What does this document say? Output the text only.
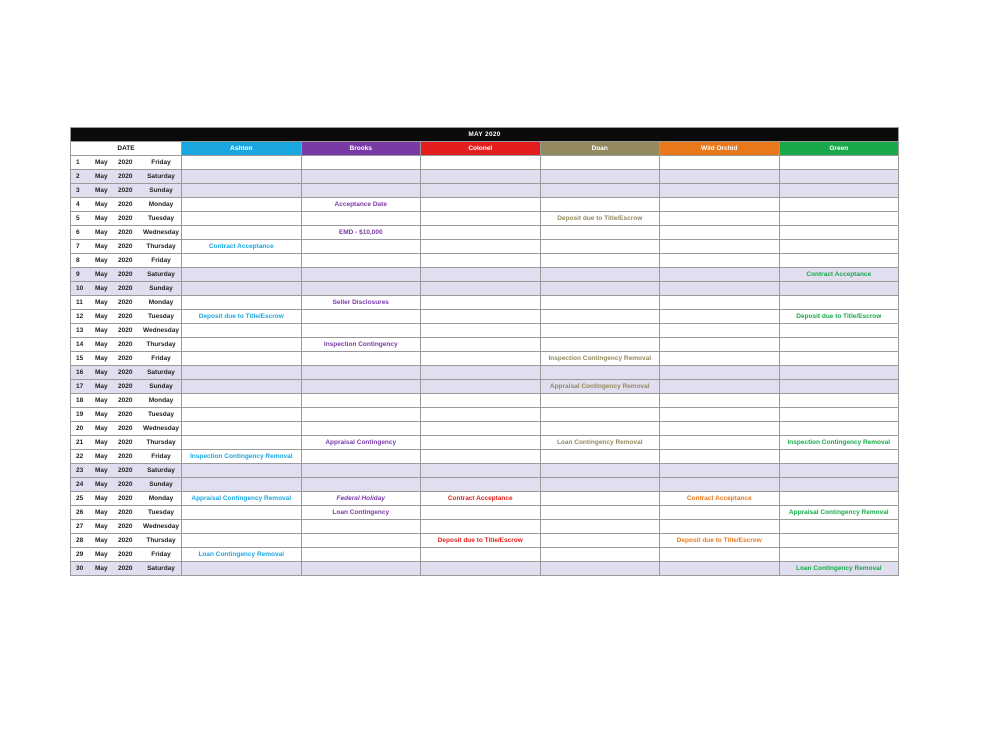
MAY 2020						
DATE	Ashton	Brooks	Colonel	Doan	Wild Orchid	Green

1 May 2020 Friday						

2 May 2020 Saturday						

3 May 2020 Sunday						

4 May 2020 Monday		Acceptance Date				

5 May 2020 Tuesday				Deposit due to Title/Escrow		

6 May 2020 Wednesday		EMD - $10,000				

7 May 2020 Thursday	Contract Acceptance					

8 May 2020 Friday						

9 May 2020 Saturday						Contract Acceptance

10 May 2020 Sunday						

11 May 2020 Monday		Seller Disclosures				

12 May 2020 Tuesday	Deposit due to Title/Escrow					Deposit due to Title/Escrow

13 May 2020 Wednesday						

14 May 2020 Thursday		Inspection Contingency				

15 May 2020 Friday				Inspection Contingency Removal		

16 May 2020 Saturday						

17 May 2020 Sunday				Appraisal Contingency Removal		

18 May 2020 Monday						

19 May 2020 Tuesday						

20 May 2020 Wednesday						

21 May 2020 Thursday		Appraisal Contingency		Loan Contingency Removal		Inspection Contingency Removal

22 May 2020 Friday	Inspection Contingency Removal					

23 May 2020 Saturday						

24 May 2020 Sunday						

25 May 2020 Monday	Appraisal Contingency Removal	Federal Holiday	Contract Acceptance		Contract Acceptance	

26 May 2020 Tuesday		Loan Contingency				Appraisal Contingency Removal

27 May 2020 Wednesday						

28 May 2020 Thursday			Deposit due to Title/Escrow		Deposit due to Title/Escrow	

29 May 2020 Friday	Loan Contingency Removal					

30 May 2020 Saturday						Loan Contingency Removal
